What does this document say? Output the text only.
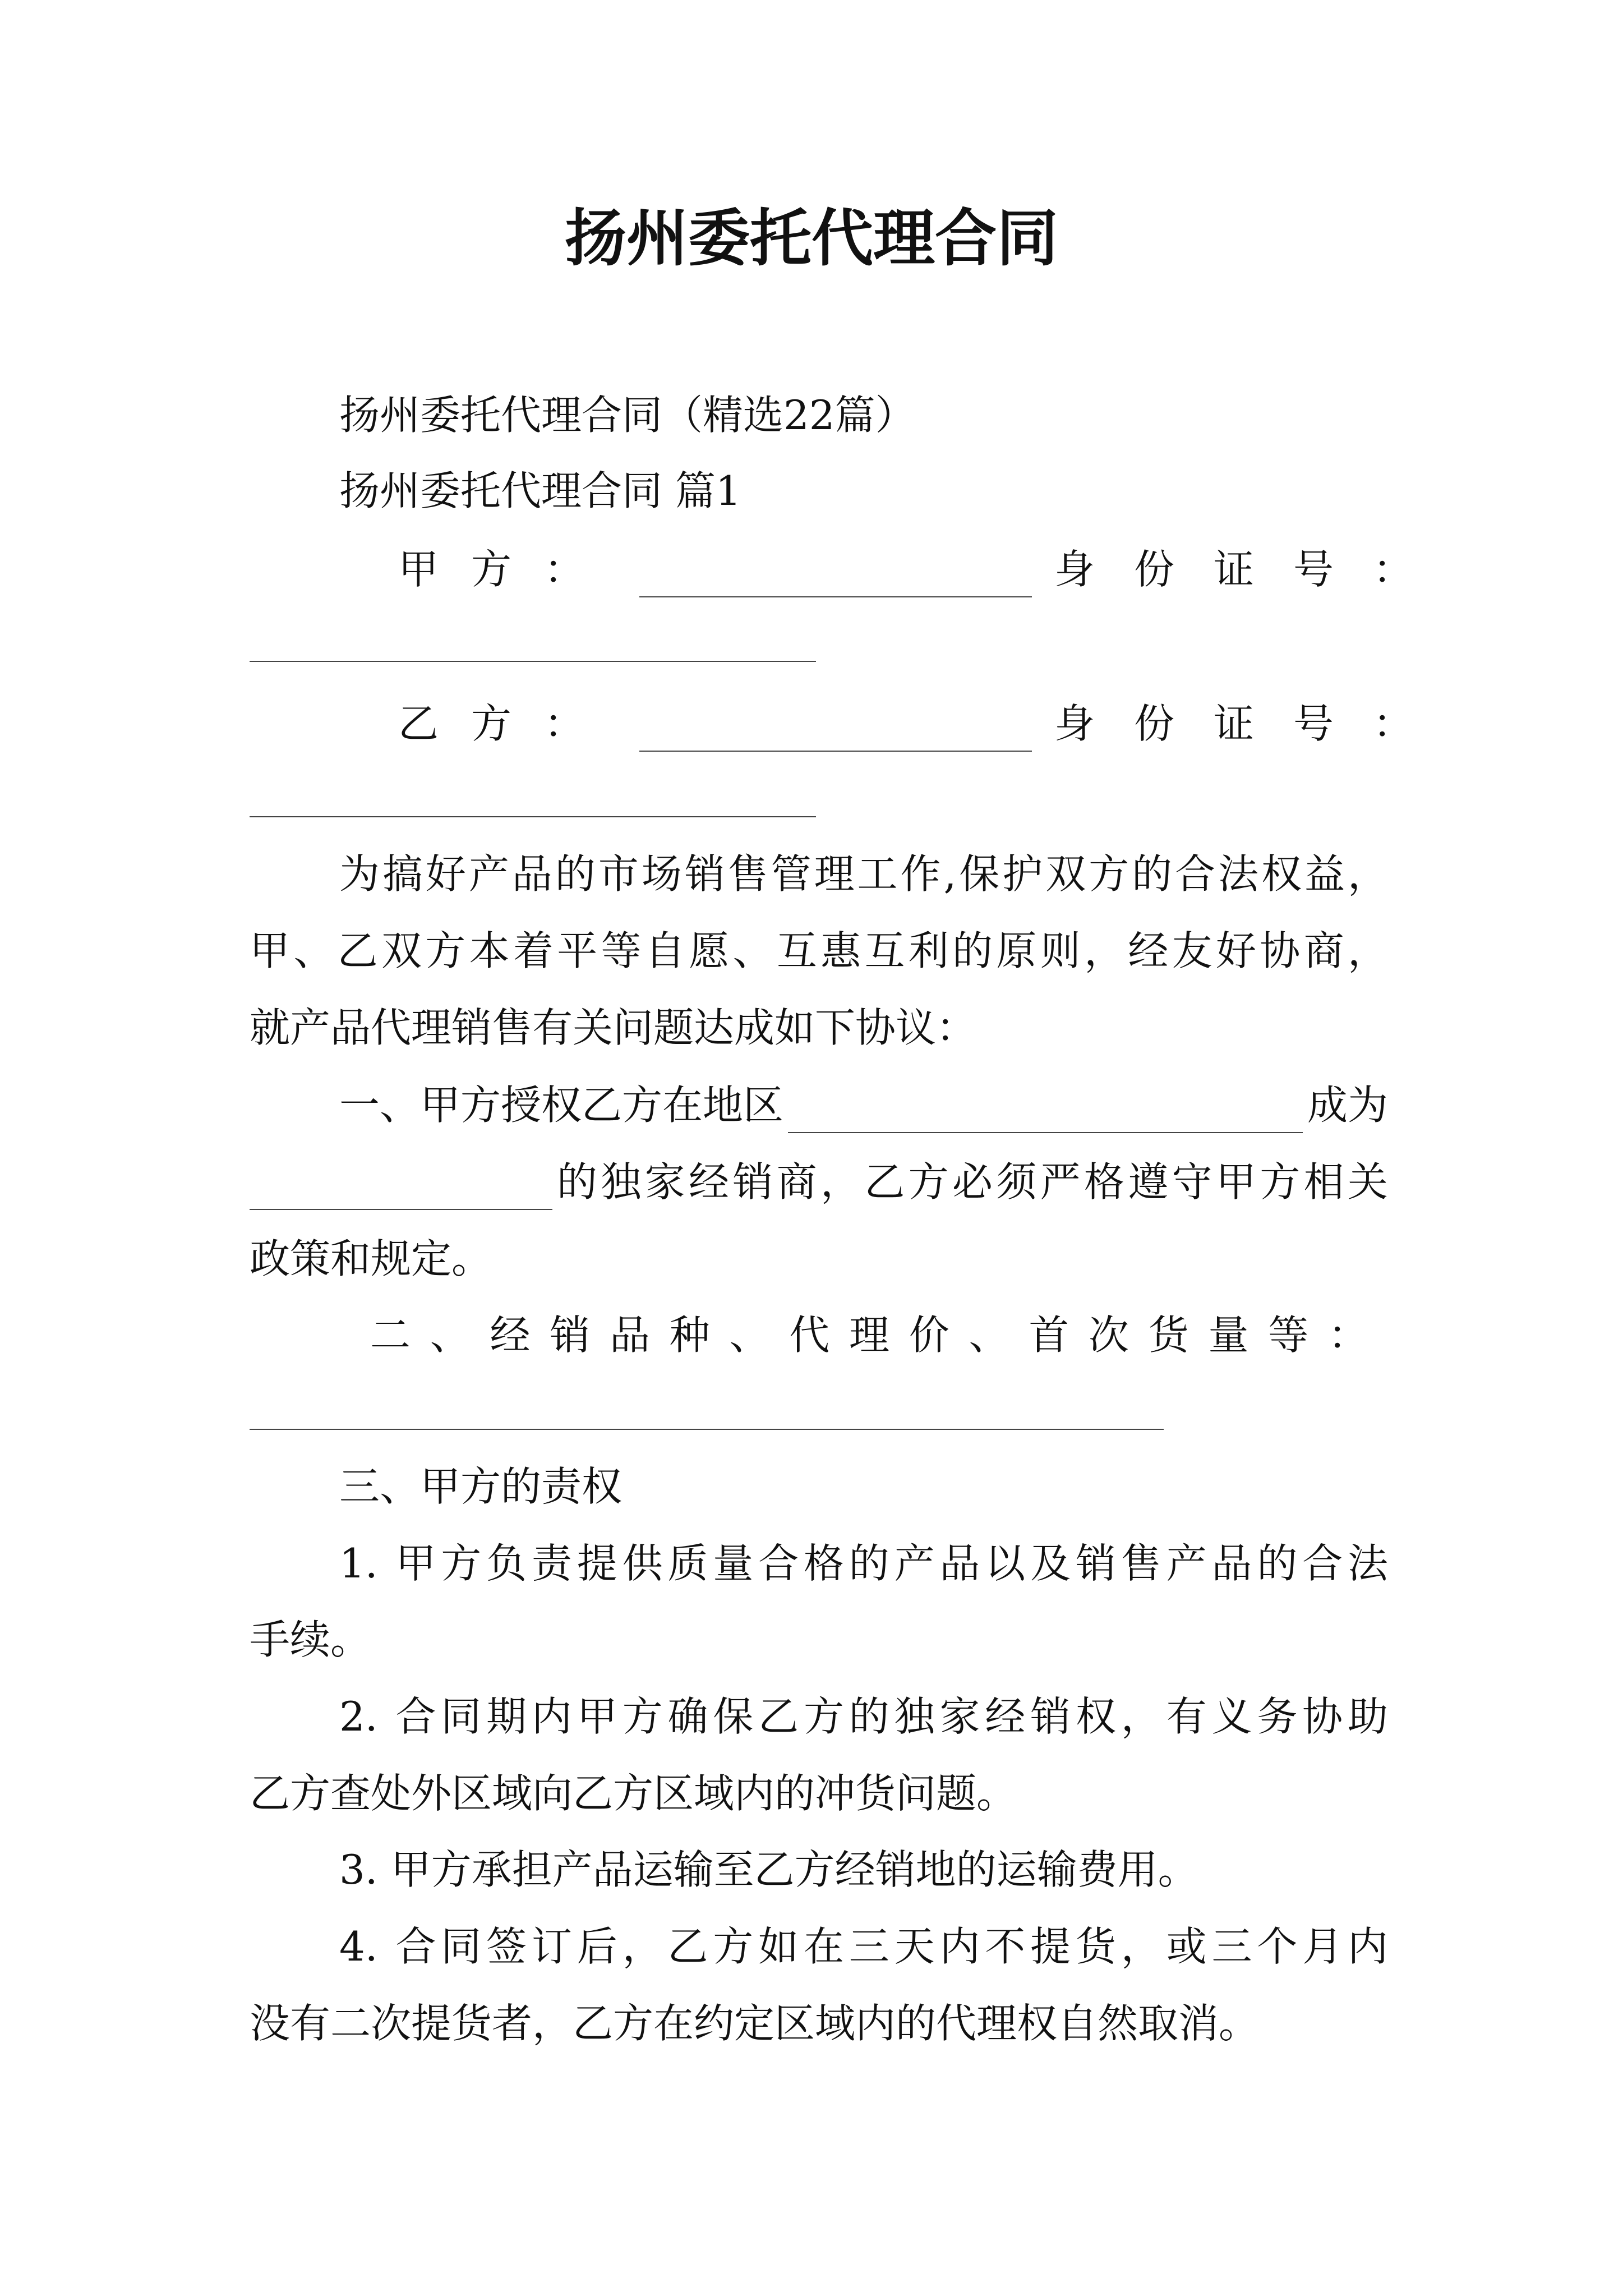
扬州委托代理合同
扬州委托代理合同（精选22篇）
扬州委托代理合同 篇1
甲方：	身份证号：
乙方：	身份证号：
为搞好产品的市场销售管理工作,保护双方的合法权益，
甲、乙双方本着平等自愿、互惠互利的原则，经友好协商，
就产品代理销售有关问题达成如下协议：
一、甲方授权乙方在地区	成为
的独家经销商，乙方必须严格遵守甲方相关
政策和规定。
二、经销品种、代理价、首次货量等：
三、甲方的责权
1. 甲方负责提供质量合格的产品以及销售产品的合法
手续。
2. 合同期内甲方确保乙方的独家经销权，有义务协助
乙方查处外区域向乙方区域内的冲货问题。
3. 甲方承担产品运输至乙方经销地的运输费用。
4. 合同签订后，乙方如在三天内不提货，或三个月内
没有二次提货者，乙方在约定区域内的代理权自然取消。
